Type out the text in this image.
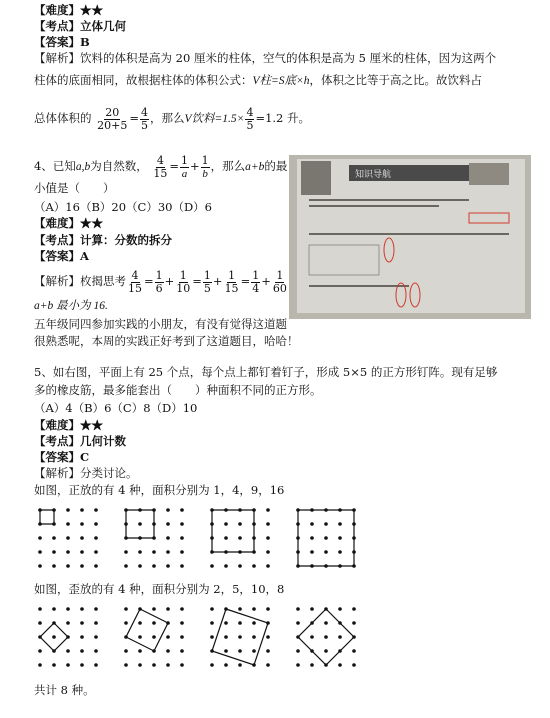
【难度】★★
【考点】立体几何
【答案】B
【解析】饮料的体积是高为 20 厘米的柱体，空气的体积是高为 5 厘米的柱体，因为这两个
柱体的底面相同，故根据柱体的体积公式：V柱=S底×h，体积之比等于高之比。故饮料占
总体体积的 $\frac{20}{20+5} = \frac{4}{5}$ ，那么V饮料$=1.5\times \frac{4}{5} =1.2$ 升。
4、已知a,b为自然数， $\frac{4}{15} = \frac{1}{a} + \frac{1}{b}$ ，那么a+b的最
小值是（　　）
（A）16（B）20（C）30（D）6
【难度】★★
【考点】计算：分数的拆分
【答案】A
【解析】枚揭思考 $\frac{4}{15} = \frac{1}{6} + \frac{1}{10} = \frac{1}{5} + \frac{1}{15} = \frac{1}{4} + \frac{1}{60}$
a+b 最小为 16.
五年级同四参加实践的小朋友，有没有觉得这道题
很熟悉呢，本周的实践正好考到了这道题目，哈哈！
知识导航
5、如右图，平面上有 25 个点，每个点上都钉着钉子，形成 5×5 的正方形钉阵。现有足够
多的橡皮筋，最多能套出（　　）种面积不同的正方形。
（A）4（B）6（C）8（D）10
【难度】★★
【考点】几何计数
【答案】C
【解析】分类讨论。
如图，正放的有 4 种，面积分别为 1，4，9，16
如图，歪放的有 4 种，面积分别为 2，5，10，8
共计 8 种。
